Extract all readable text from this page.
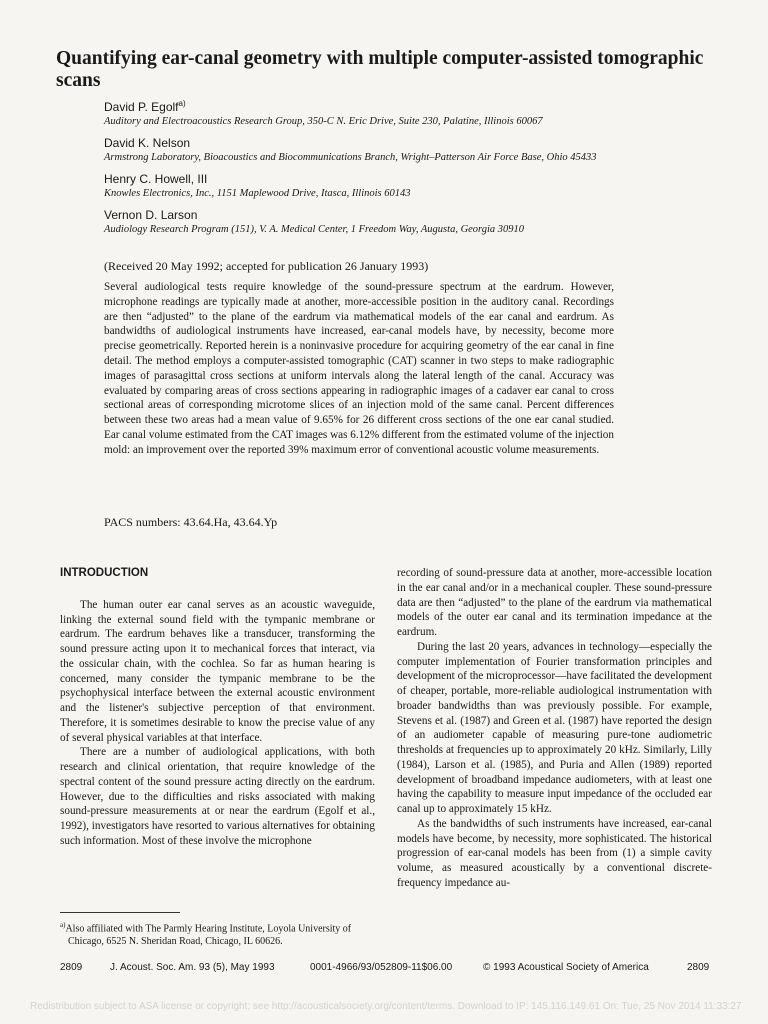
Quantifying ear-canal geometry with multiple computer-assisted tomographic scans
David P. Egolf$^{a)}$
Auditory and Electroacoustics Research Group, 350-C N. Eric Drive, Suite 230, Palatine, Illinois 60067
David K. Nelson
Armstrong Laboratory, Bioacoustics and Biocommunications Branch, Wright–Patterson Air Force Base, Ohio 45433
Henry C. Howell, III
Knowles Electronics, Inc., 1151 Maplewood Drive, Itasca, Illinois 60143
Vernon D. Larson
Audiology Research Program (151), V. A. Medical Center, 1 Freedom Way, Augusta, Georgia 30910
(Received 20 May 1992; accepted for publication 26 January 1993)

Several audiological tests require knowledge of the sound-pressure spectrum at the eardrum. However, microphone readings are typically made at another, more-accessible position in the auditory canal. Recordings are then “adjusted” to the plane of the eardrum via mathematical models of the ear canal and eardrum. As bandwidths of audiological instruments have increased, ear-canal models have, by necessity, become more precise geometrically. Reported herein is a noninvasive procedure for acquiring geometry of the ear canal in fine detail. The method employs a computer-assisted tomographic (CAT) scanner in two steps to make radiographic images of parasagittal cross sections at uniform intervals along the lateral length of the canal. Accuracy was evaluated by comparing areas of cross sections appearing in radiographic images of a cadaver ear canal to cross sectional areas of corresponding microtome slices of an injection mold of the same canal. Percent differences between these two areas had a mean value of 9.65% for 26 different cross sections of the one ear canal studied. Ear canal volume estimated from the CAT images was 6.12% different from the estimated volume of the injection mold: an improvement over the reported 39% maximum error of conventional acoustic volume measurements.

PACS numbers: 43.64.Ha, 43.64.Yp
INTRODUCTION

The human outer ear canal serves as an acoustic waveguide, linking the external sound field with the tympanic membrane or eardrum. The eardrum behaves like a transducer, transforming the sound pressure acting upon it to mechanical forces that interact, via the ossicular chain, with the cochlea. So far as human hearing is concerned, many consider the tympanic membrane to be the psychophysical interface between the external acoustic environment and the listener's subjective perception of that environment. Therefore, it is sometimes desirable to know the precise value of any of several physical variables at that interface.

There are a number of audiological applications, with both research and clinical orientation, that require knowledge of the spectral content of the sound pressure acting directly on the eardrum. However, due to the difficulties and risks associated with making sound-pressure measurements at or near the eardrum (Egolf et al., 1992), investigators have resorted to various alternatives for obtaining such information. Most of these involve the microphone

recording of sound-pressure data at another, more-accessible location in the ear canal and/or in a mechanical coupler. These sound-pressure data are then “adjusted” to the plane of the eardrum via mathematical models of the outer ear canal and its termination impedance at the eardrum.

During the last 20 years, advances in technology—especially the computer implementation of Fourier transformation principles and development of the microprocessor—have facilitated the development of cheaper, portable, more-reliable audiological instrumentation with broader bandwidths than was previously possible. For example, Stevens et al. (1987) and Green et al. (1987) have reported the design of an audiometer capable of measuring pure-tone audiometric thresholds at frequencies up to approximately 20 kHz. Similarly, Lilly (1984), Larson et al. (1985), and Puria and Allen (1989) reported development of broadband impedance audiometers, with at least one having the capability to measure input impedance of the occluded ear canal up to approximately 15 kHz.

As the bandwidths of such instruments have increased, ear-canal models have become, by necessity, more sophisticated. The historical progression of ear-canal models has been from (1) a simple cavity volume, as measured acoustically by a conventional discrete-frequency impedance au-

$^{a)}$Also affiliated with The Parmly Hearing Institute, Loyola University of
Chicago, 6525 N. Sheridan Road, Chicago, IL 60626.
2809	J. Acoust. Soc. Am. 93 (5), May 1993	0001-4966/93/052809-11$06.00	© 1993 Acoustical Society of America	2809
Redistribution subject to ASA license or copyright; see http://acousticalsociety.org/content/terms. Download to IP: 145.116.149.61 On: Tue, 25 Nov 2014 11:33:27
